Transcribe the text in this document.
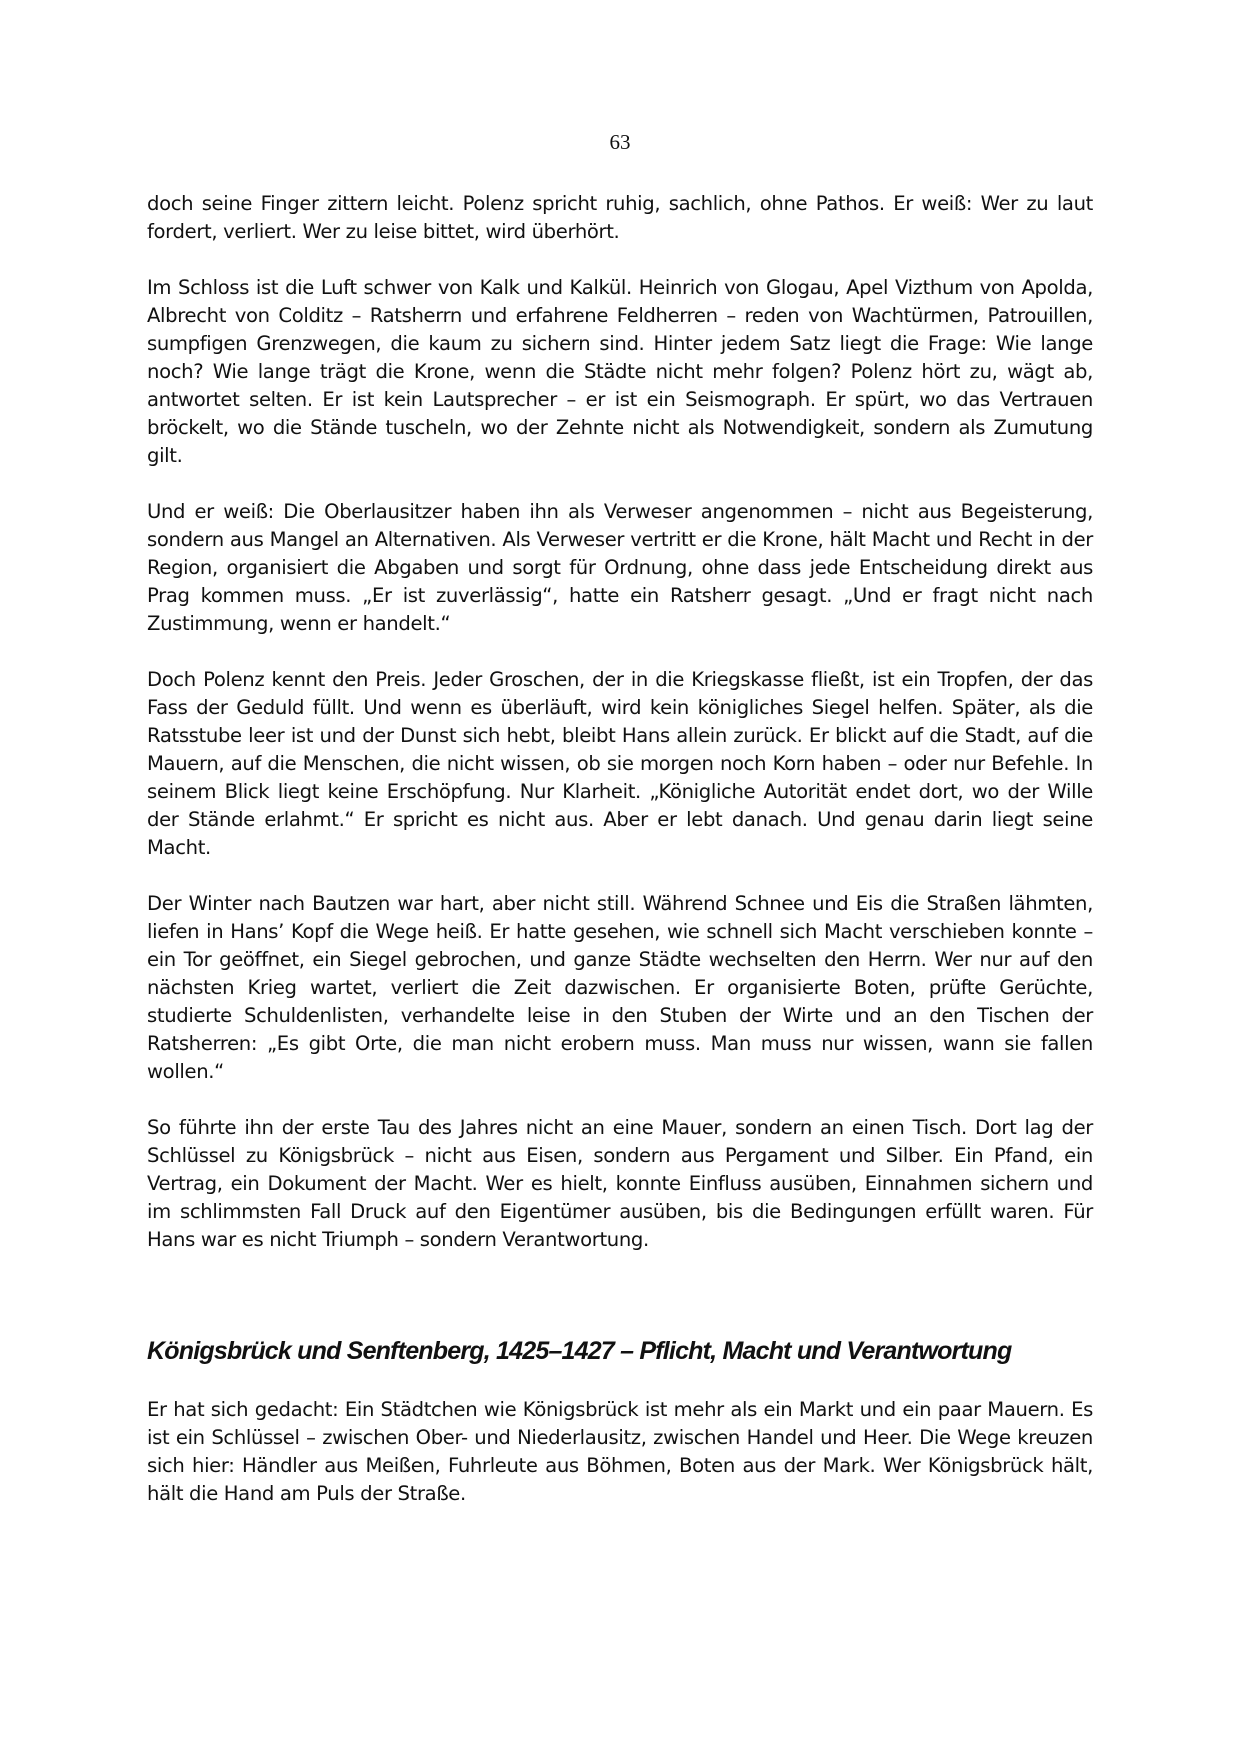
63

doch seine Finger zittern leicht. Polenz spricht ruhig, sachlich, ohne Pathos. Er weiß: Wer zu laut fordert, verliert. Wer zu leise bittet, wird überhört.

Im Schloss ist die Luft schwer von Kalk und Kalkül. Heinrich von Glogau, Apel Vizthum von Apolda, Albrecht von Colditz – Ratsherrn und erfahrene Feldherren – reden von Wachtürmen, Patrouillen, sumpfigen Grenzwegen, die kaum zu sichern sind. Hinter jedem Satz liegt die Frage: Wie lange noch? Wie lange trägt die Krone, wenn die Städte nicht mehr folgen? Polenz hört zu, wägt ab, antwortet selten. Er ist kein Lautsprecher – er ist ein Seismograph. Er spürt, wo das Vertrauen bröckelt, wo die Stände tuscheln, wo der Zehnte nicht als Notwendigkeit, sondern als Zumutung gilt.

Und er weiß: Die Oberlausitzer haben ihn als Verweser angenommen – nicht aus Begeisterung, sondern aus Mangel an Alternativen. Als Verweser vertritt er die Krone, hält Macht und Recht in der Region, organisiert die Abgaben und sorgt für Ordnung, ohne dass jede Entscheidung direkt aus Prag kommen muss. „Er ist zuverlässig“, hatte ein Ratsherr gesagt. „Und er fragt nicht nach Zustimmung, wenn er handelt.“

Doch Polenz kennt den Preis. Jeder Groschen, der in die Kriegskasse fließt, ist ein Tropfen, der das Fass der Geduld füllt. Und wenn es überläuft, wird kein königliches Siegel helfen. Später, als die Ratsstube leer ist und der Dunst sich hebt, bleibt Hans allein zurück. Er blickt auf die Stadt, auf die Mauern, auf die Menschen, die nicht wissen, ob sie morgen noch Korn haben – oder nur Befehle. In seinem Blick liegt keine Erschöpfung. Nur Klarheit. „Königliche Autorität endet dort, wo der Wille der Stände erlahmt.“ Er spricht es nicht aus. Aber er lebt danach. Und genau darin liegt seine Macht.

Der Winter nach Bautzen war hart, aber nicht still. Während Schnee und Eis die Straßen lähmten, liefen in Hans’ Kopf die Wege heiß. Er hatte gesehen, wie schnell sich Macht verschieben konnte – ein Tor geöffnet, ein Siegel gebrochen, und ganze Städte wechselten den Herrn. Wer nur auf den nächsten Krieg wartet, verliert die Zeit dazwischen. Er organisierte Boten, prüfte Gerüchte, studierte Schuldenlisten, verhandelte leise in den Stuben der Wirte und an den Tischen der Ratsherren: „Es gibt Orte, die man nicht erobern muss. Man muss nur wissen, wann sie fallen wollen.“

So führte ihn der erste Tau des Jahres nicht an eine Mauer, sondern an einen Tisch. Dort lag der Schlüssel zu Königsbrück – nicht aus Eisen, sondern aus Pergament und Silber. Ein Pfand, ein Vertrag, ein Dokument der Macht. Wer es hielt, konnte Einfluss ausüben, Einnahmen sichern und im schlimmsten Fall Druck auf den Eigentümer ausüben, bis die Bedingungen erfüllt waren. Für Hans war es nicht Triumph – sondern Verantwortung.

Königsbrück und Senftenberg, 1425–1427 – Pflicht, Macht und Verantwortung

Er hat sich gedacht: Ein Städtchen wie Königsbrück ist mehr als ein Markt und ein paar Mauern. Es ist ein Schlüssel – zwischen Ober- und Niederlausitz, zwischen Handel und Heer. Die Wege kreuzen sich hier: Händler aus Meißen, Fuhrleute aus Böhmen, Boten aus der Mark. Wer Königsbrück hält, hält die Hand am Puls der Straße.
